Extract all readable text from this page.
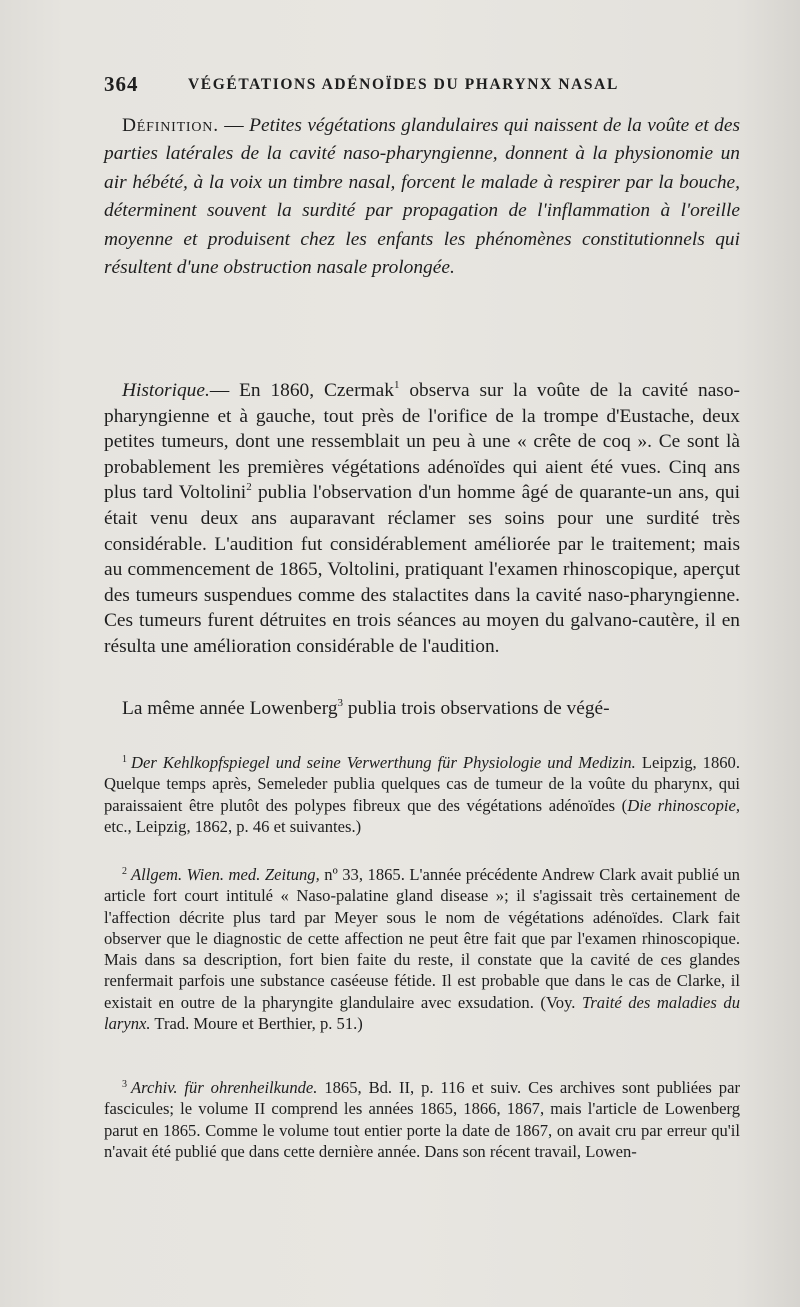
364	VÉGÉTATIONS ADÉNOÏDES DU PHARYNX NASAL

Définition. — Petites végétations glandulaires qui naissent de la voûte et des parties latérales de la cavité naso-pharyngienne, donnent à la physionomie un air hébété, à la voix un timbre nasal, forcent le malade à respirer par la bouche, déterminent souvent la surdité par propagation de l'inflammation à l'oreille moyenne et produisent chez les enfants les phénomènes constitutionnels qui résultent d'une obstruction nasale prolongée.

Historique.— En 1860, Czermak$^1$ observa sur la voûte de la cavité naso-pharyngienne et à gauche, tout près de l'orifice de la trompe d'Eustache, deux petites tumeurs, dont une ressemblait un peu à une « crête de coq ». Ce sont là probablement les premières végétations adénoïdes qui aient été vues. Cinq ans plus tard Voltolini$^2$ publia l'observation d'un homme âgé de quarante-un ans, qui était venu deux ans auparavant réclamer ses soins pour une surdité très considérable. L'audition fut considérablement améliorée par le traitement; mais au commencement de 1865, Voltolini, pratiquant l'examen rhinoscopique, aperçut des tumeurs suspendues comme des stalactites dans la cavité naso-pharyngienne. Ces tumeurs furent détruites en trois séances au moyen du galvano-cautère, il en résulta une amélioration considérable de l'audition.

La même année Lowenberg$^3$ publia trois observations de végé-

$^1$ Der Kehlkopfspiegel und seine Verwerthung für Physiologie und Medizin. Leipzig, 1860. Quelque temps après, Semeleder publia quelques cas de tumeur de la voûte du pharynx, qui paraissaient être plutôt des polypes fibreux que des végétations adénoïdes (Die rhinoscopie, etc., Leipzig, 1862, p. 46 et suivantes.)

$^2$ Allgem. Wien. med. Zeitung, nº 33, 1865. L'année précédente Andrew Clark avait publié un article fort court intitulé « Naso-palatine gland disease »; il s'agissait très certainement de l'affection décrite plus tard par Meyer sous le nom de végétations adénoïdes. Clark fait observer que le diagnostic de cette affection ne peut être fait que par l'examen rhinoscopique. Mais dans sa description, fort bien faite du reste, il constate que la cavité de ces glandes renfermait parfois une substance caséeuse fétide. Il est probable que dans le cas de Clarke, il existait en outre de la pharyngite glandulaire avec exsudation. (Voy. Traité des maladies du larynx. Trad. Moure et Berthier, p. 51.)

$^3$ Archiv. für ohrenheilkunde. 1865, Bd. II, p. 116 et suiv. Ces archives sont publiées par fascicules; le volume II comprend les années 1865, 1866, 1867, mais l'article de Lowenberg parut en 1865. Comme le volume tout entier porte la date de 1867, on avait cru par erreur qu'il n'avait été publié que dans cette dernière année. Dans son récent travail, Lowen-
